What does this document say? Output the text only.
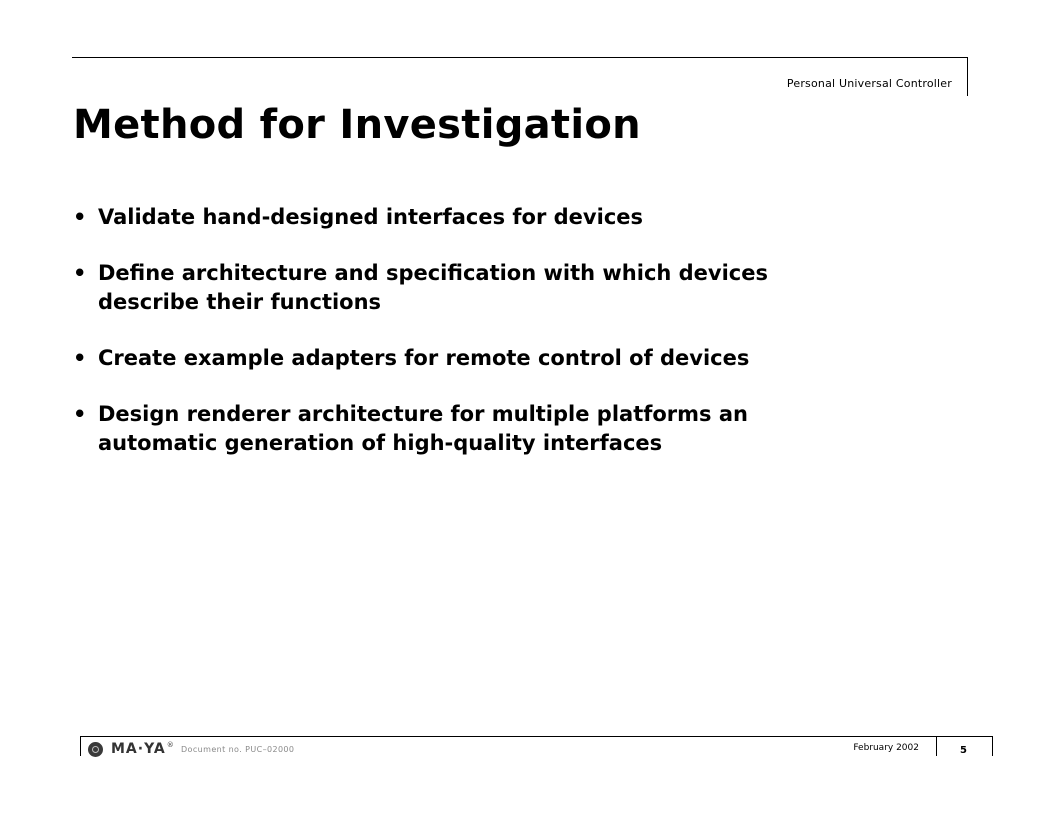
Personal Universal Controller
Method for Investigation
• Validate hand-designed interfaces for devices
• Define architecture and specification with which devices
describe their functions
• Create example adapters for remote control of devices
• Design renderer architecture for multiple platforms an
automatic generation of high-quality interfaces
MA·YA ® Document no. PUC–02000	February 2002	5
